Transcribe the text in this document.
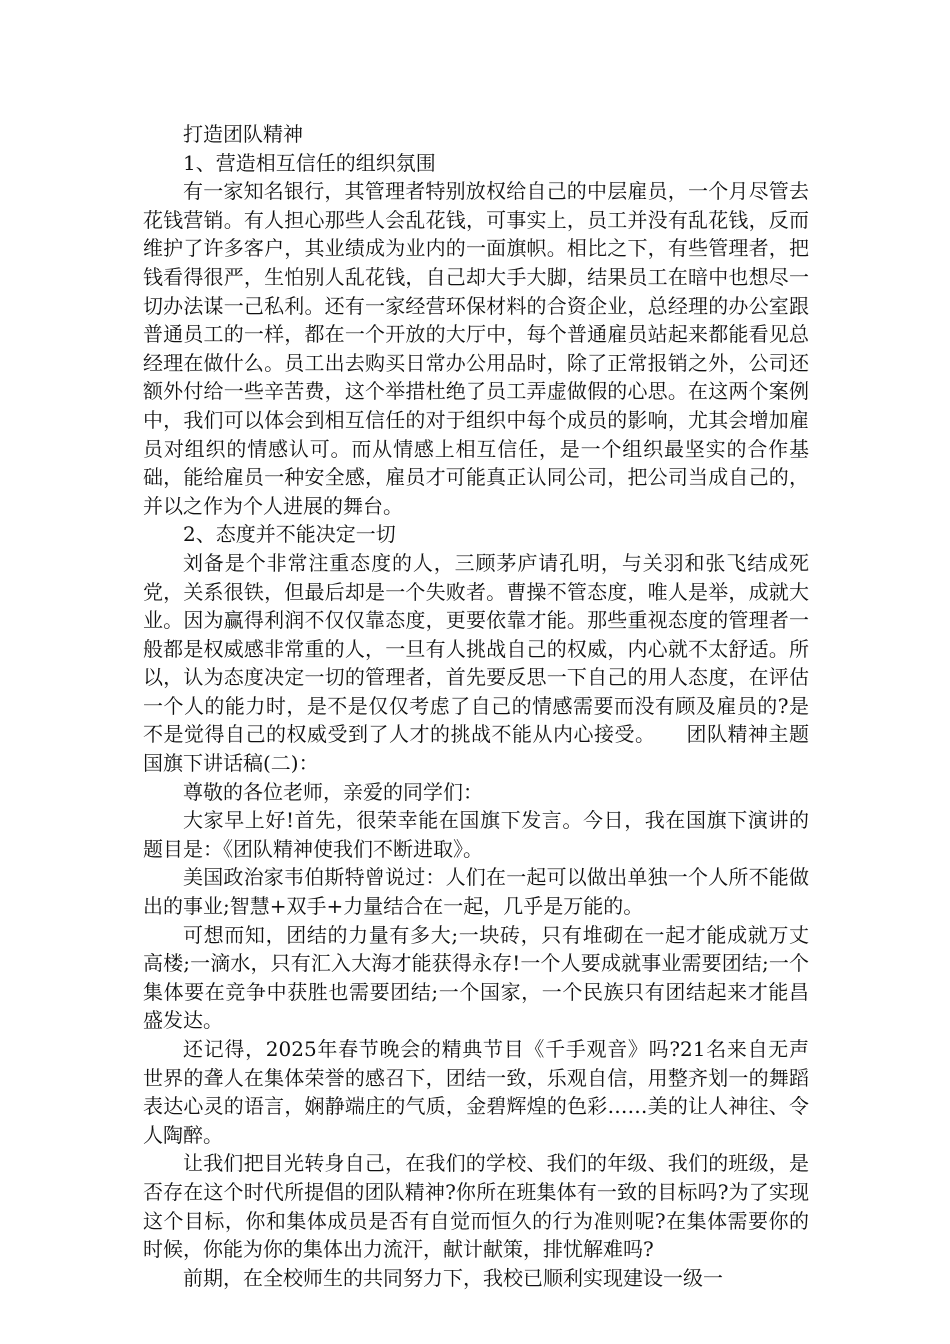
打造团队精神

1、营造相互信任的组织氛围

有一家知名银行，其管理者特别放权给自己的中层雇员，一个月尽管去花钱营销。有人担心那些人会乱花钱，可事实上，员工并没有乱花钱，反而维护了许多客户，其业绩成为业内的一面旗帜。相比之下，有些管理者，把钱看得很严，生怕别人乱花钱，自己却大手大脚，结果员工在暗中也想尽一切办法谋一己私利。还有一家经营环保材料的合资企业，总经理的办公室跟普通员工的一样，都在一个开放的大厅中，每个普通雇员站起来都能看见总经理在做什么。员工出去购买日常办公用品时，除了正常报销之外，公司还额外付给一些辛苦费，这个举措杜绝了员工弄虚做假的心思。在这两个案例中，我们可以体会到相互信任的对于组织中每个成员的影响，尤其会增加雇员对组织的情感认可。而从情感上相互信任，是一个组织最坚实的合作基础，能给雇员一种安全感，雇员才可能真正认同公司，把公司当成自己的，并以之作为个人进展的舞台。

2、态度并不能决定一切

刘备是个非常注重态度的人，三顾茅庐请孔明，与关羽和张飞结成死党，关系很铁，但最后却是一个失败者。曹操不管态度，唯人是举，成就大业。因为赢得利润不仅仅靠态度，更要依靠才能。那些重视态度的管理者一般都是权威感非常重的人，一旦有人挑战自己的权威，内心就不太舒适。所以，认为态度决定一切的管理者，首先要反思一下自己的用人态度，在评估一个人的能力时，是不是仅仅考虑了自己的情感需要而没有顾及雇员的?是不是觉得自己的权威受到了人才的挑战不能从内心接受。　　团队精神主题国旗下讲话稿(二)：

尊敬的各位老师，亲爱的同学们：

大家早上好!首先，很荣幸能在国旗下发言。今日，我在国旗下演讲的题目是：《团队精神使我们不断进取》。

美国政治家韦伯斯特曾说过：人们在一起可以做出单独一个人所不能做出的事业;智慧+双手+力量结合在一起，几乎是万能的。

可想而知，团结的力量有多大;一块砖，只有堆砌在一起才能成就万丈高楼;一滴水，只有汇入大海才能获得永存!一个人要成就事业需要团结;一个集体要在竞争中获胜也需要团结;一个国家，一个民族只有团结起来才能昌盛发达。

还记得，2025年春节晚会的精典节目《千手观音》吗?21名来自无声世界的聋人在集体荣誉的感召下，团结一致，乐观自信，用整齐划一的舞蹈表达心灵的语言，娴静端庄的气质，金碧辉煌的色彩……美的让人神往、令人陶醉。

让我们把目光转身自己，在我们的学校、我们的年级、我们的班级，是否存在这个时代所提倡的团队精神?你所在班集体有一致的目标吗?为了实现这个目标，你和集体成员是否有自觉而恒久的行为准则呢?在集体需要你的时候，你能为你的集体出力流汗，献计献策，排忧解难吗?

前期，在全校师生的共同努力下，我校已顺利实现建设一级一
